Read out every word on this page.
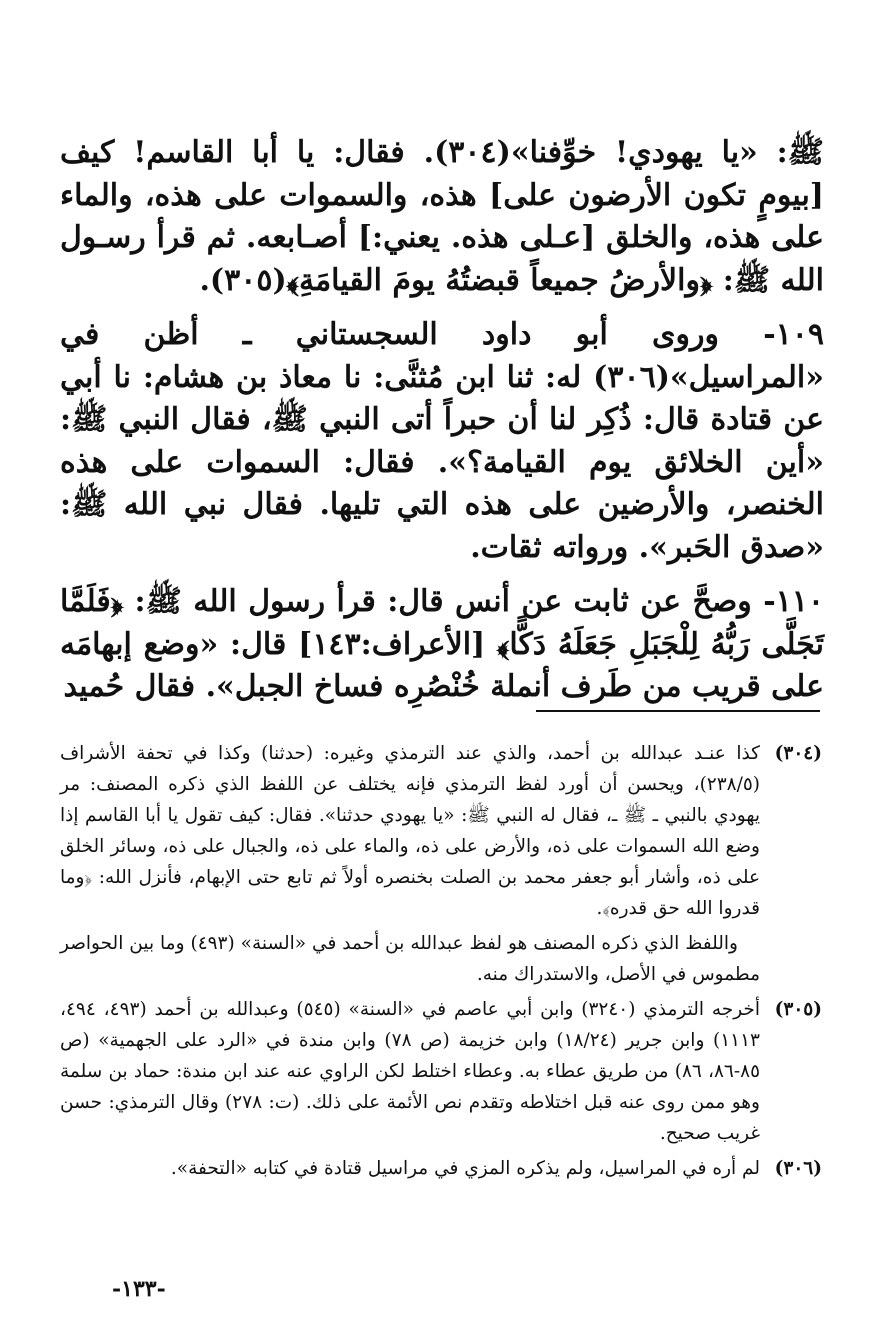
ﷺ: «يا يهودي! خوِّفنا»(٣٠٤). فقال: يا أبا القاسم! كيف [بيومٍ تكون الأرضون على] هذه، والسموات على هذه، والماء على هذه، والخلق [عـلى هذه. يعني:] أصـابعه. ثم قرأ رسـول الله ﷺ: ﴿والأرضُ جميعاً قبضتُهُ يومَ القيامَةِ﴾(٣٠٥).

١٠٩- وروى أبو داود السجستاني ـ أظن في «المراسيل»(٣٠٦) له: ثنا ابن مُثنَّى: نا معاذ بن هشام: نا أبي عن قتادة قال: ذُكِر لنا أن حبراً أتى النبي ﷺ، فقال النبي ﷺ: «أين الخلائق يوم القيامة؟». فقال: السموات على هذه الخنصر، والأرضين على هذه التي تليها. فقال نبي الله ﷺ: «صدق الحَبر». ورواته ثقات.

١١٠- وصحَّ عن ثابت عن أنس قال: قرأ رسول الله ﷺ: ﴿فَلَمَّا تَجَلَّى رَبُّهُ لِلْجَبَلِ جَعَلَهُ دَكًّا﴾ [الأعراف:١٤٣] قال: «وضع إبهامَه على قريب من طَرف أنملة خُنْصُرِه فساخ الجبل». فقال حُميد

(٣٠٤)

كذا عنـد عبدالله بن أحمد، والذي عند الترمذي وغيره: (حدثنا) وكذا في تحفة الأشراف (٢٣٨/٥)، ويحسن أن أورد لفظ الترمذي فإنه يختلف عن اللفظ الذي ذكره المصنف: مر يهودي بالنبي ـ ﷺ ـ، فقال له النبي ﷺ: «يا يهودي حدثنا». فقال: كيف تقول يا أبا القاسم إذا وضع الله السموات على ذه، والأرض على ذه، والماء على ذه، والجبال على ذه، وسائر الخلق على ذه، وأشار أبو جعفر محمد بن الصلت بخنصره أولاً ثم تابع حتى الإبهام، فأنزل الله: ﴿وما قدروا الله حق قدره﴾.

واللفظ الذي ذكره المصنف هو لفظ عبدالله بن أحمد في «السنة» (٤٩٣) وما بين الحواصر مطموس في الأصل، والاستدراك منه.

(٣٠٥)

أخرجه الترمذي (٣٢٤٠) وابن أبي عاصم في «السنة» (٥٤٥) وعبدالله بن أحمد (٤٩٣، ٤٩٤، ١١١٣) وابن جرير (١٨/٢٤) وابن خزيمة (ص ٧٨) وابن مندة في «الرد على الجهمية» (ص ٨٥-٨٦، ٨٦) من طريق عطاء به. وعطاء اختلط لكن الراوي عنه عند ابن مندة: حماد بن سلمة وهو ممن روى عنه قبل اختلاطه وتقدم نص الأئمة على ذلك. (ت: ٢٧٨) وقال الترمذي: حسن غريب صحيح.

(٣٠٦)

لم أره في المراسيل، ولم يذكره المزي في مراسيل قتادة في كتابه «التحفة».

-١٣٣-
